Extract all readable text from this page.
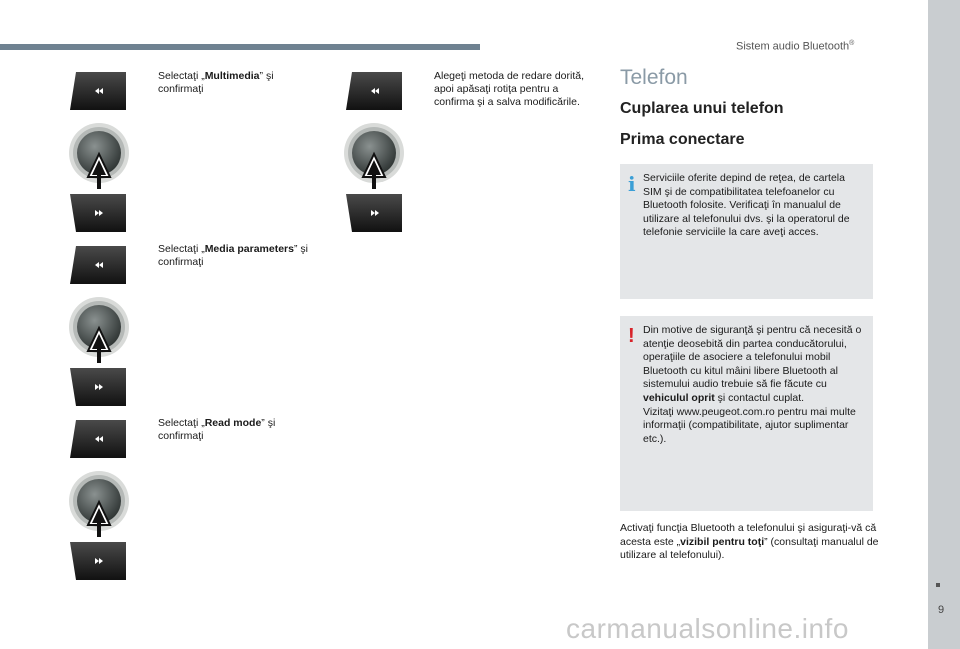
Sistem audio Bluetooth®
9
Selectaţi „Multimedia” şi confirmaţi
Selectaţi „Media parameters” şi confirmaţi
Selectaţi „Read mode” şi confirmaţi
Alegeţi metoda de redare dorită, apoi apăsaţi rotiţa pentru a confirma şi a salva modificările.
Telefon
Cuplarea unui telefon
Prima conectare
i Serviciile oferite depind de reţea, de cartela SIM şi de compatibilitatea telefoanelor cu Bluetooth folosite. Verificaţi în manualul de utilizare al telefonului dvs. şi la operatorul de telefonie serviciile la care aveţi acces.
! Din motive de siguranţă şi pentru că necesită o atenţie deosebită din partea conducătorului, operaţiile de asociere a telefonului mobil Bluetooth cu kitul mâini libere Bluetooth al sistemului audio trebuie să fie făcute cu vehiculul oprit şi contactul cuplat.
Vizitaţi www.peugeot.com.ro pentru mai multe informaţii (compatibilitate, ajutor suplimentar etc.).
Activaţi funcţia Bluetooth a telefonului şi asiguraţi-vă că acesta este „vizibil pentru toţi” (consultaţi manualul de utilizare al telefonului).
carmanualsonline.info
